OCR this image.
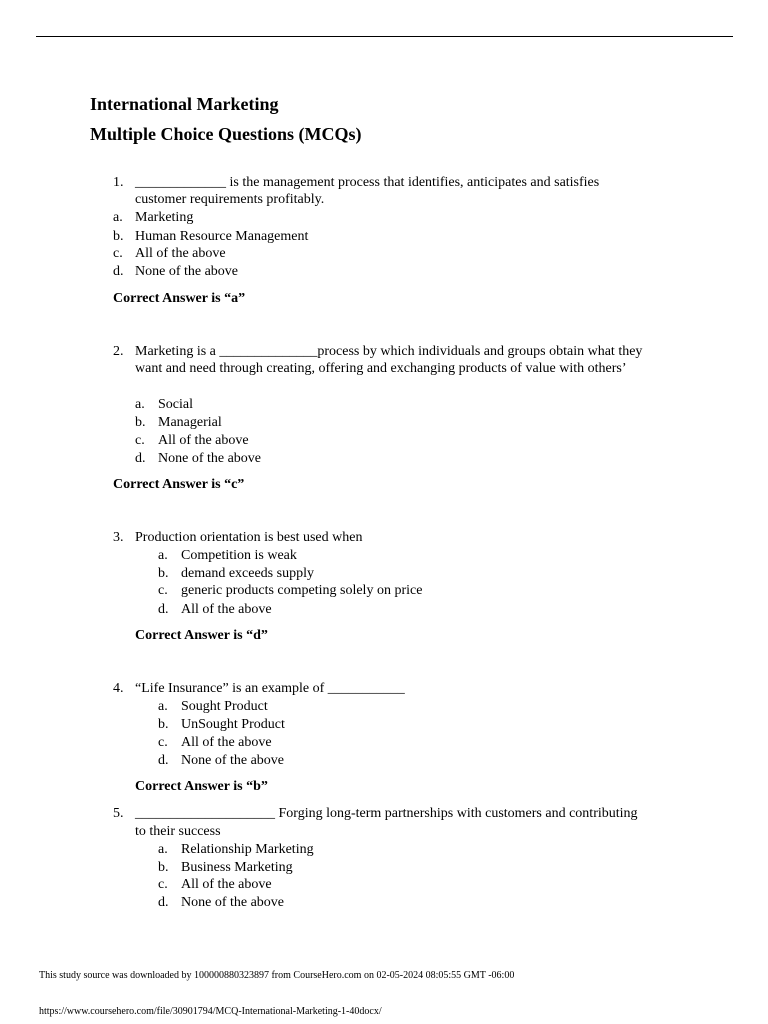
International Marketing
Multiple Choice Questions (MCQs)
1. _____________ is the management process that identifies, anticipates and satisfies
customer requirements profitably.
a. Marketing
b. Human Resource Management
c. All of the above
d. None of the above
Correct Answer is “a”
2. Marketing is a ______________process by which individuals and groups obtain what they
want and need through creating, offering and exchanging products of value with others’
a. Social
b. Managerial
c. All of the above
d. None of the above
Correct Answer is “c”
3. Production orientation is best used when
a. Competition is weak
b. demand exceeds supply
c. generic products competing solely on price
d. All of the above
Correct Answer is “d”
4. “Life Insurance” is an example of ___________
a. Sought Product
b. UnSought Product
c. All of the above
d. None of the above
Correct Answer is “b”
5. ____________________ Forging long-term partnerships with customers and contributing
to their success
a. Relationship Marketing
b. Business Marketing
c. All of the above
d. None of the above
This study source was downloaded by 100000880323897 from CourseHero.com on 02-05-2024 08:05:55 GMT -06:00
https://www.coursehero.com/file/30901794/MCQ-International-Marketing-1-40docx/
